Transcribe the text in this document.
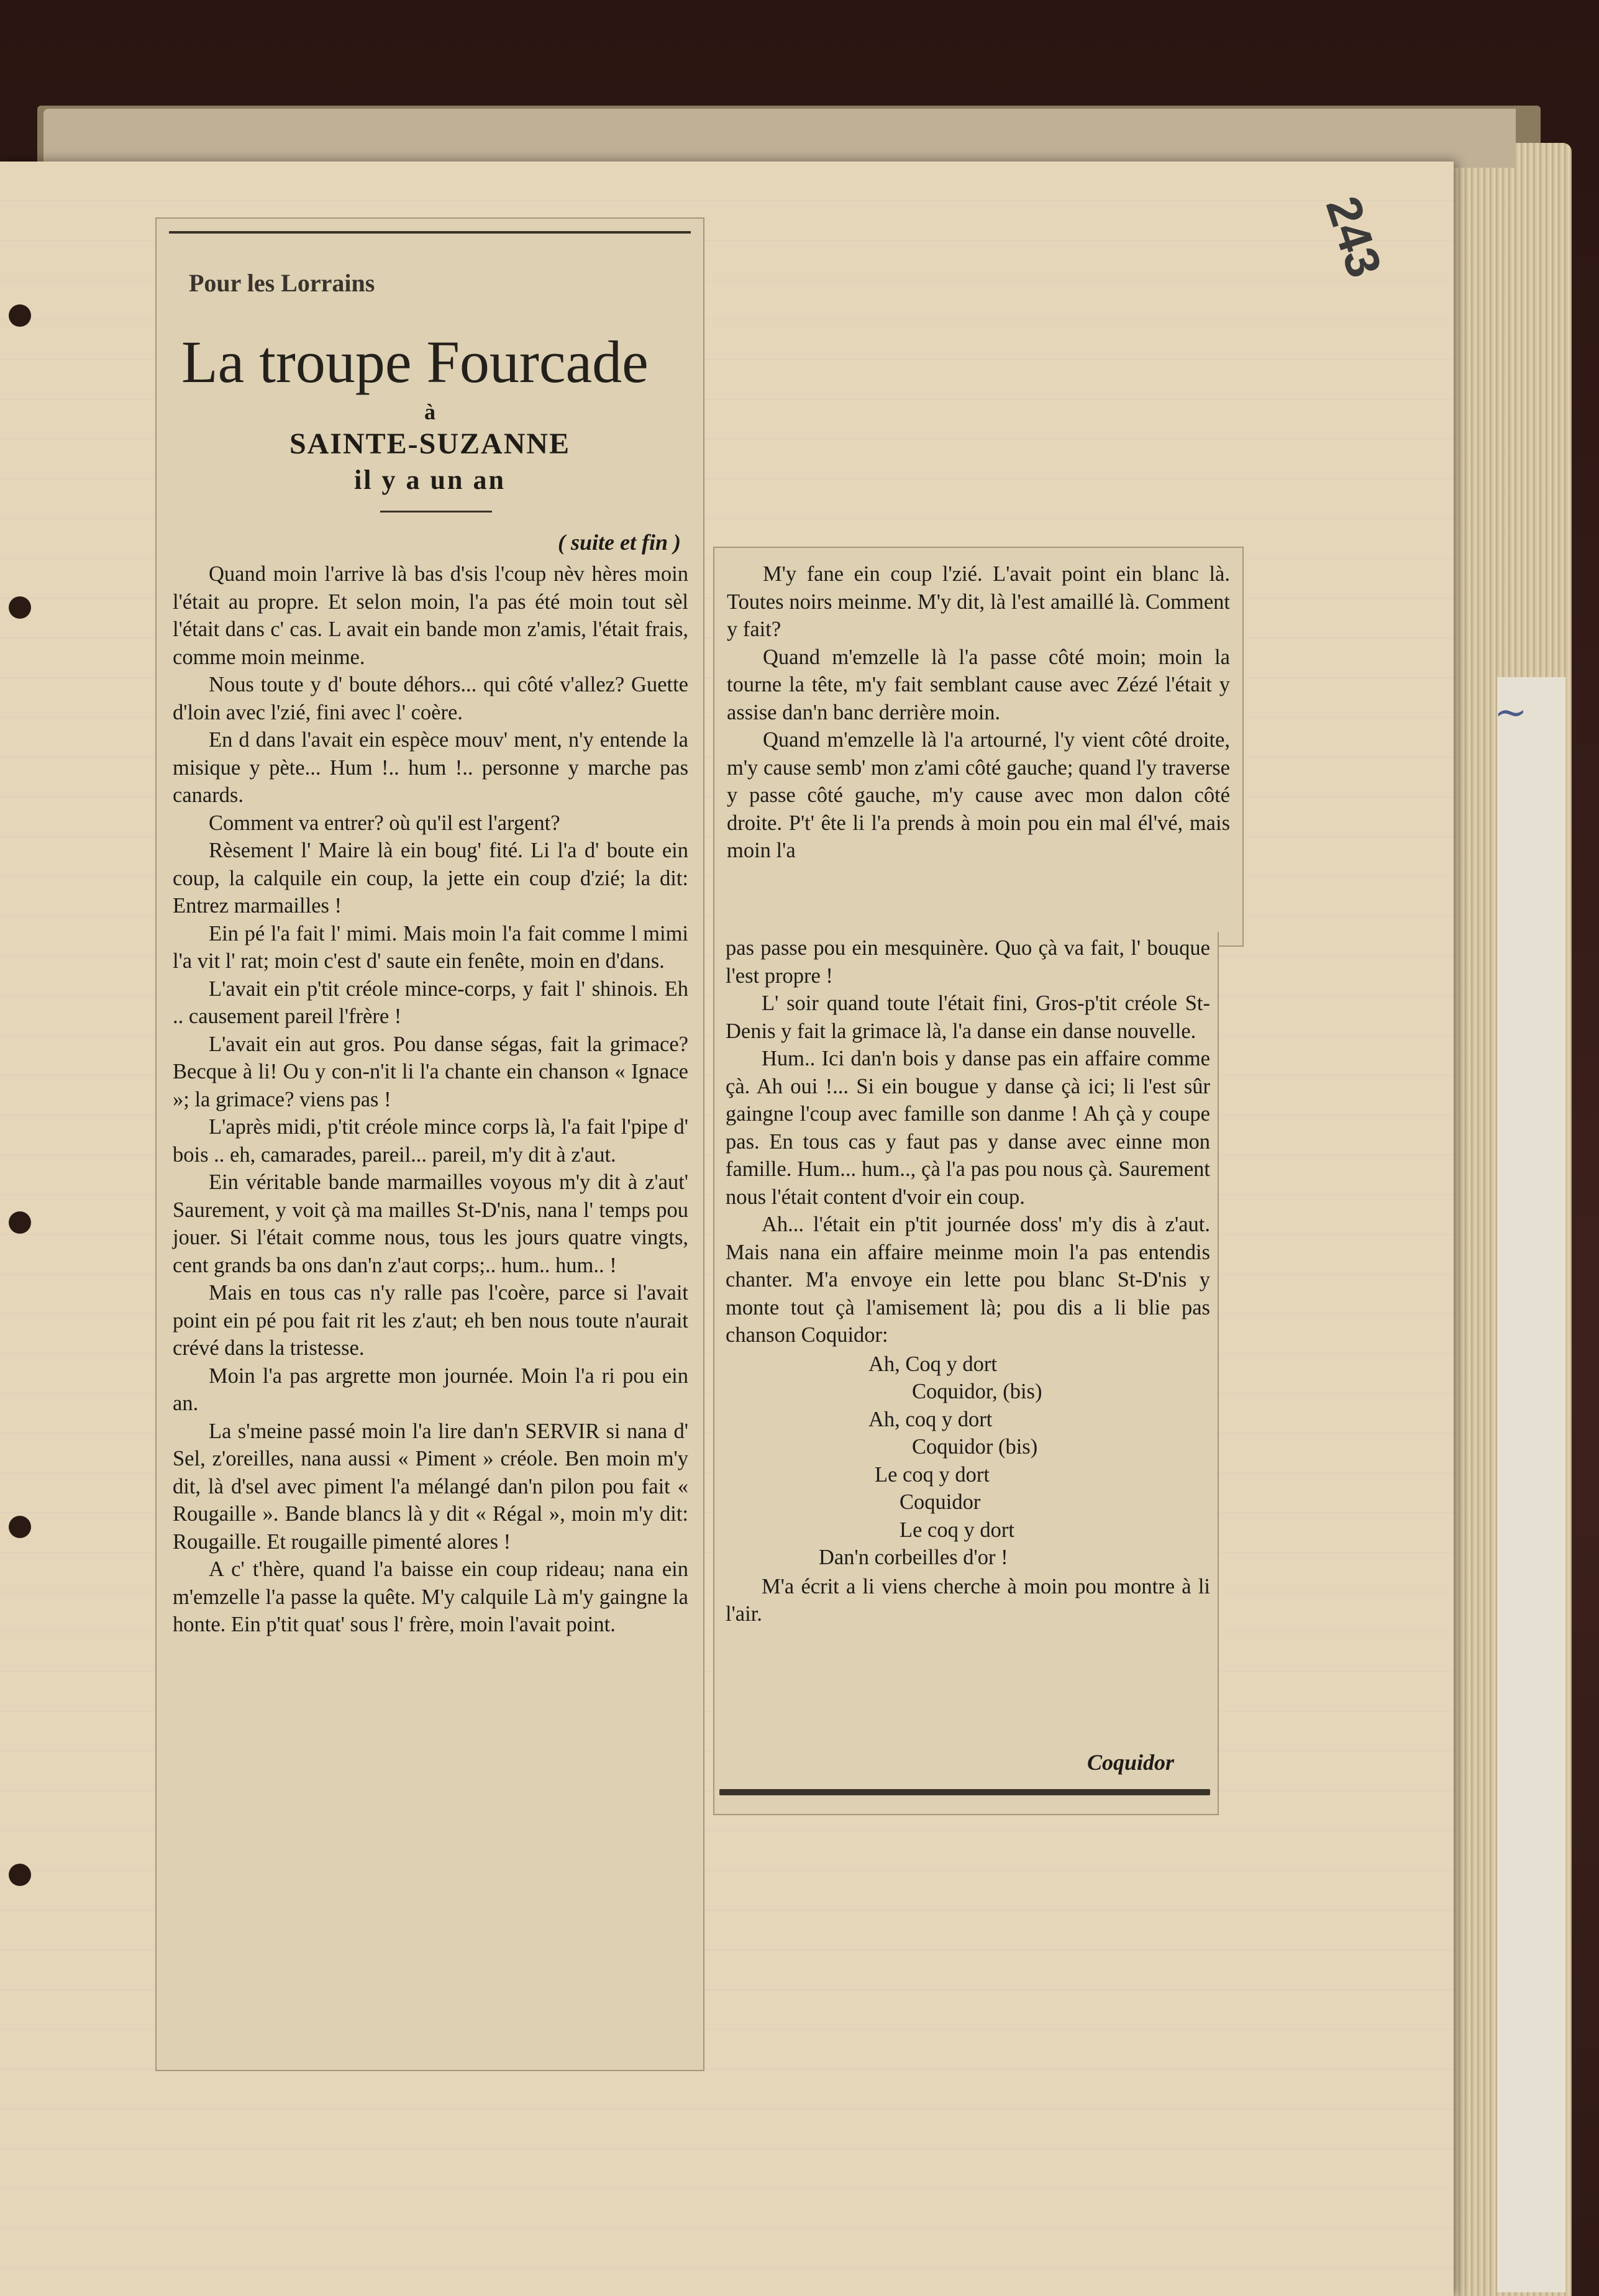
243
Pour les Lorrains
La troupe Fourcade
à
SAINTE-SUZANNE
il y a un an
( suite et fin )

Quand moin l'arrive là bas d'sis l'coup nèv hères moin l'était au propre. Et selon moin, l'a pas été moin tout sèl l'était dans c' cas. L avait ein bande mon z'amis, l'était frais, comme moin meinme.

Nous toute y d' boute déhors... qui côté v'allez? Guette d'loin avec l'zié, fini avec l' coère.

En d dans l'avait ein espèce mouv' ment, n'y entende la misique y pète... Hum !.. hum !.. personne y marche pas canards.

Comment va entrer? où qu'il est l'argent?

Rèsement l' Maire là ein boug' fité. Li l'a d' boute ein coup, la calquile ein coup, la jette ein coup d'zié; la dit: Entrez marmailles !

Ein pé l'a fait l' mimi. Mais moin l'a fait comme l mimi l'a vit l' rat; moin c'est d' saute ein fenête, moin en d'dans.

L'avait ein p'tit créole mince-corps, y fait l' shinois. Eh .. causement pareil l'frère !

L'avait ein aut gros. Pou danse ségas, fait la grimace? Becque à li! Ou y con-n'it li l'a chante ein chanson « Ignace »; la grimace? viens pas !

L'après midi, p'tit créole mince corps là, l'a fait l'pipe d' bois .. eh, camarades, pareil... pareil, m'y dit à z'aut.

Ein véritable bande marmailles voyous m'y dit à z'aut' Saurement, y voit çà ma mailles St-D'nis, nana l' temps pou jouer. Si l'était comme nous, tous les jours quatre vingts, cent grands ba ons dan'n z'aut corps;.. hum.. hum.. !

Mais en tous cas n'y ralle pas l'coère, parce si l'avait point ein pé pou fait rit les z'aut; eh ben nous toute n'aurait crévé dans la tristesse.

Moin l'a pas argrette mon journée. Moin l'a ri pou ein an.

La s'meine passé moin l'a lire dan'n SERVIR si nana d' Sel, z'oreilles, nana aussi « Piment » créole. Ben moin m'y dit, là d'sel avec piment l'a mélangé dan'n pilon pou fait « Rougaille ». Bande blancs là y dit « Régal », moin m'y dit: Rougaille. Et rougaille pimenté alores !

A c' t'hère, quand l'a baisse ein coup rideau; nana ein m'emzelle l'a passe la quête. M'y calquile Là m'y gaingne la honte. Ein p'tit quat' sous l' frère, moin l'avait point.

M'y fane ein coup l'zié. L'avait point ein blanc là. Toutes noirs meinme. M'y dit, là l'est amaillé là. Comment y fait?

Quand m'emzelle là l'a passe côté moin; moin la tourne la tête, m'y fait semblant cause avec Zézé l'était y assise dan'n banc derrière moin.

Quand m'emzelle là l'a artourné, l'y vient côté droite, m'y cause semb' mon z'ami côté gauche; quand l'y traverse y passe côté gauche, m'y cause avec mon dalon côté droite. P't' ête li l'a prends à moin pou ein mal él'vé, mais moin l'a

pas passe pou ein mesquinère. Quo çà va fait, l' bouque l'est propre !

L' soir quand toute l'était fini, Gros-p'tit créole St-Denis y fait la grimace là, l'a danse ein danse nouvelle.

Hum.. Ici dan'n bois y danse pas ein affaire comme çà. Ah oui !... Si ein bougue y danse çà ici; li l'est sûr gaingne l'coup avec famille son danme ! Ah çà y coupe pas. En tous cas y faut pas y danse avec einne mon famille. Hum... hum.., çà l'a pas pou nous çà. Saurement nous l'était content d'voir ein coup.

Ah... l'était ein p'tit journée doss' m'y dis à z'aut. Mais nana ein affaire meinme moin l'a pas entendis chanter. M'a envoye ein lette pou blanc St-D'nis y monte tout çà l'amisement là; pou dis a li blie pas chanson Coquidor:

Ah, Coq y dort
Coquidor, (bis)
Ah, coq y dort
Coquidor (bis)
Le coq y dort
Coquidor
Le coq y dort
Dan'n corbeilles d'or !

M'a écrit a li viens cherche à moin pou montre à li l'air.

Coquidor
~
